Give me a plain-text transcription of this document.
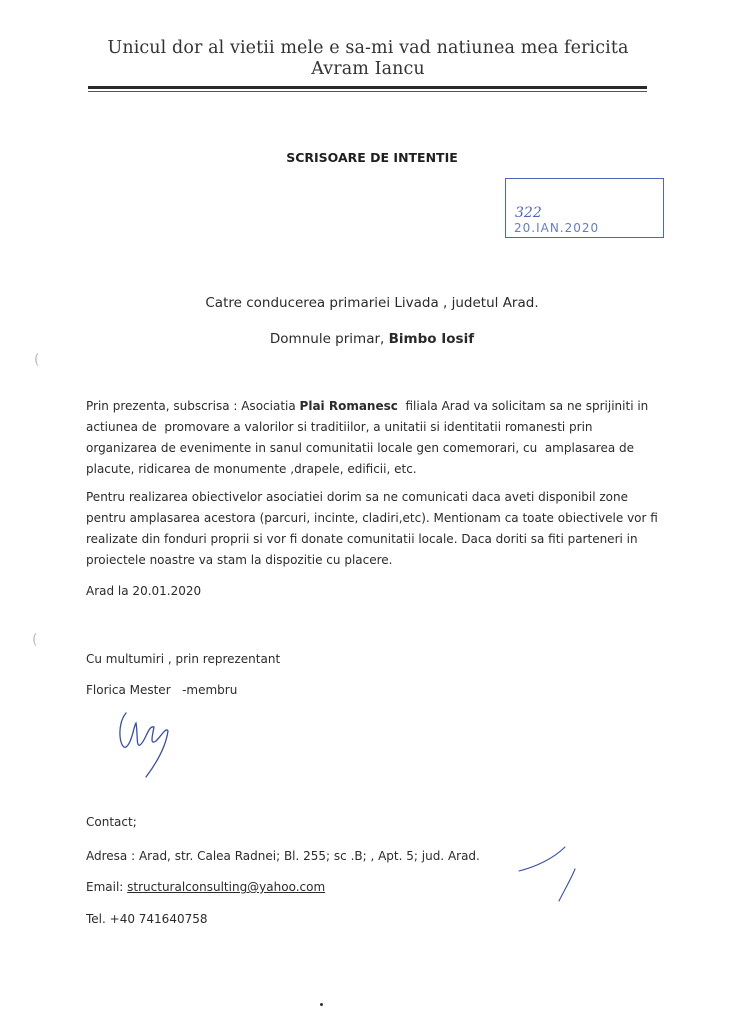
Unicul dor al vietii mele e sa-mi vad natiunea mea fericita
Avram Iancu
SCRISOARE DE INTENTIE
322
20.IAN.2020
Catre conducerea primariei Livada , judetul Arad.
Domnule primar, Bimbo Iosif
Prin prezenta, subscrisa : Asociatia Plai Romanesc  filiala Arad va solicitam sa ne sprijiniti in actiunea de  promovare a valorilor si traditiilor, a unitatii si identitatii romanesti prin organizarea de evenimente in sanul comunitatii locale gen comemorari, cu  amplasarea de placute, ridicarea de monumente ,drapele, edificii, etc.
Pentru realizarea obiectivelor asociatiei dorim sa ne comunicati daca aveti disponibil zone pentru amplasarea acestora (parcuri, incinte, cladiri,etc). Mentionam ca toate obiectivele vor fi realizate din fonduri proprii si vor fi donate comunitatii locale. Daca doriti sa fiti parteneri in proiectele noastre va stam la dispozitie cu placere.
Arad la 20.01.2020
Cu multumiri , prin reprezentant
Florica Mester   -membru
Contact;
Adresa : Arad, str. Calea Radnei; Bl. 255; sc .B; , Apt. 5; jud. Arad.
Email: structuralconsulting@yahoo.com
Tel. +40 741640758
(
(
